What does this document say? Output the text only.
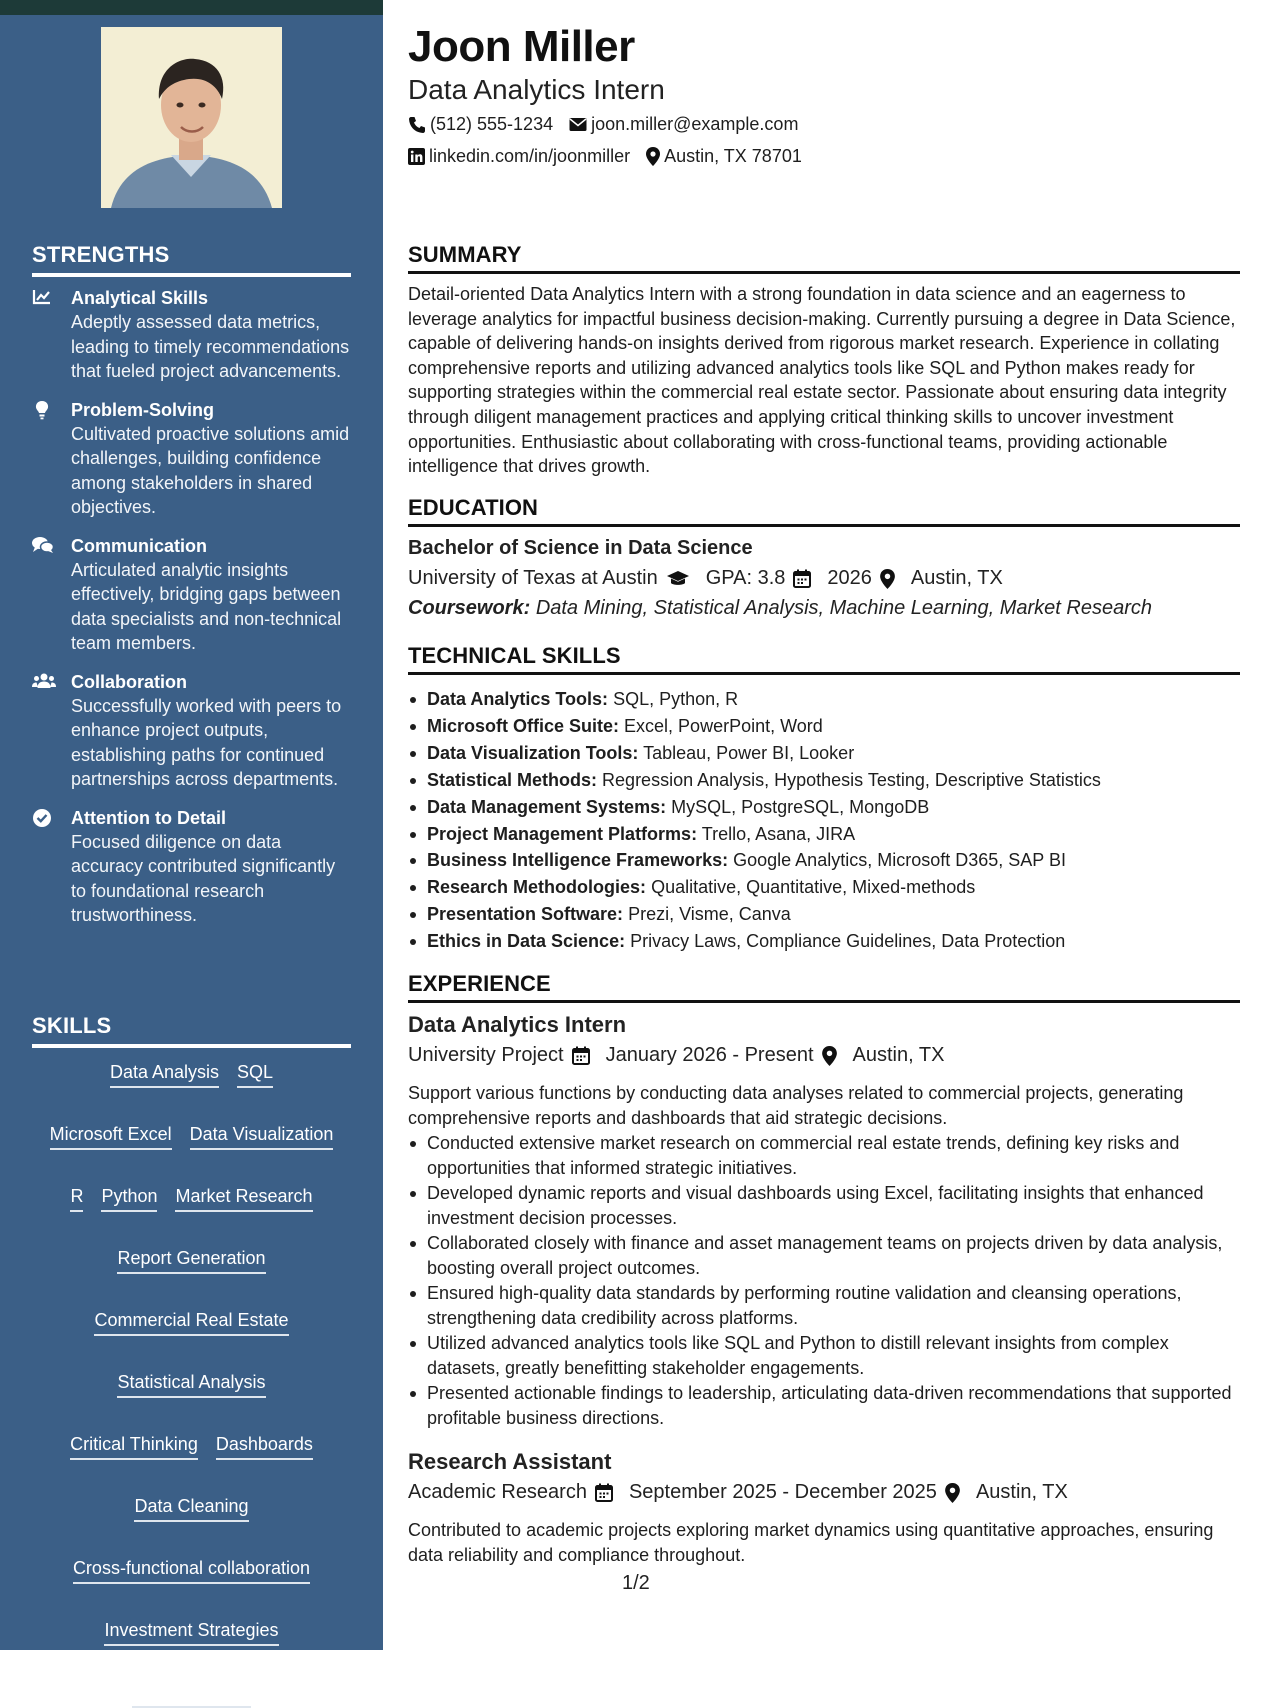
STRENGTHS
Analytical Skills
Adeptly assessed data metrics, leading to timely recommendations that fueled project advancements.
Problem-Solving
Cultivated proactive solutions amid challenges, building confidence among stakeholders in shared objectives.
Communication
Articulated analytic insights effectively, bridging gaps between data specialists and non-technical team members.
Collaboration
Successfully worked with peers to enhance project outputs, establishing paths for continued partnerships across departments.
Attention to Detail
Focused diligence on data accuracy contributed significantly to foundational research trustworthiness.
SKILLS
Data Analysis SQL
Microsoft Excel Data Visualization
R Python Market Research
Report Generation
Commercial Real Estate
Statistical Analysis
Critical Thinking Dashboards
Data Cleaning
Cross-functional collaboration
Investment Strategies
Analytics Tools
Joon Miller
Data Analytics Intern
(512) 555-1234 joon.miller@example.com
linkedin.com/in/joonmiller Austin, TX 78701
SUMMARY
Detail-oriented Data Analytics Intern with a strong foundation in data science and an eagerness to leverage analytics for impactful business decision-making. Currently pursuing a degree in Data Science, capable of delivering hands-on insights derived from rigorous market research. Experience in collating comprehensive reports and utilizing advanced analytics tools like SQL and Python makes ready for supporting strategies within the commercial real estate sector. Passionate about ensuring data integrity through diligent management practices and applying critical thinking skills to uncover investment opportunities. Enthusiastic about collaborating with cross-functional teams, providing actionable intelligence that drives growth.
EDUCATION
Bachelor of Science in Data Science
University of Texas at Austin GPA: 3.8 2026 Austin, TX
Coursework: Data Mining, Statistical Analysis, Machine Learning, Market Research
TECHNICAL SKILLS
Data Analytics Tools: SQL, Python, R
Microsoft Office Suite: Excel, PowerPoint, Word
Data Visualization Tools: Tableau, Power BI, Looker
Statistical Methods: Regression Analysis, Hypothesis Testing, Descriptive Statistics
Data Management Systems: MySQL, PostgreSQL, MongoDB
Project Management Platforms: Trello, Asana, JIRA
Business Intelligence Frameworks: Google Analytics, Microsoft D365, SAP BI
Research Methodologies: Qualitative, Quantitative, Mixed-methods
Presentation Software: Prezi, Visme, Canva
Ethics in Data Science: Privacy Laws, Compliance Guidelines, Data Protection
EXPERIENCE
Data Analytics Intern
University Project January 2026 - Present Austin, TX
Support various functions by conducting data analyses related to commercial projects, generating comprehensive reports and dashboards that aid strategic decisions.
Conducted extensive market research on commercial real estate trends, defining key risks and opportunities that informed strategic initiatives.
Developed dynamic reports and visual dashboards using Excel, facilitating insights that enhanced investment decision processes.
Collaborated closely with finance and asset management teams on projects driven by data analysis, boosting overall project outcomes.
Ensured high-quality data standards by performing routine validation and cleansing operations, strengthening data credibility across platforms.
Utilized advanced analytics tools like SQL and Python to distill relevant insights from complex datasets, greatly benefitting stakeholder engagements.
Presented actionable findings to leadership, articulating data-driven recommendations that supported profitable business directions.
Research Assistant
Academic Research September 2025 - December 2025 Austin, TX
Contributed to academic projects exploring market dynamics using quantitative approaches, ensuring data reliability and compliance throughout.
1/2
